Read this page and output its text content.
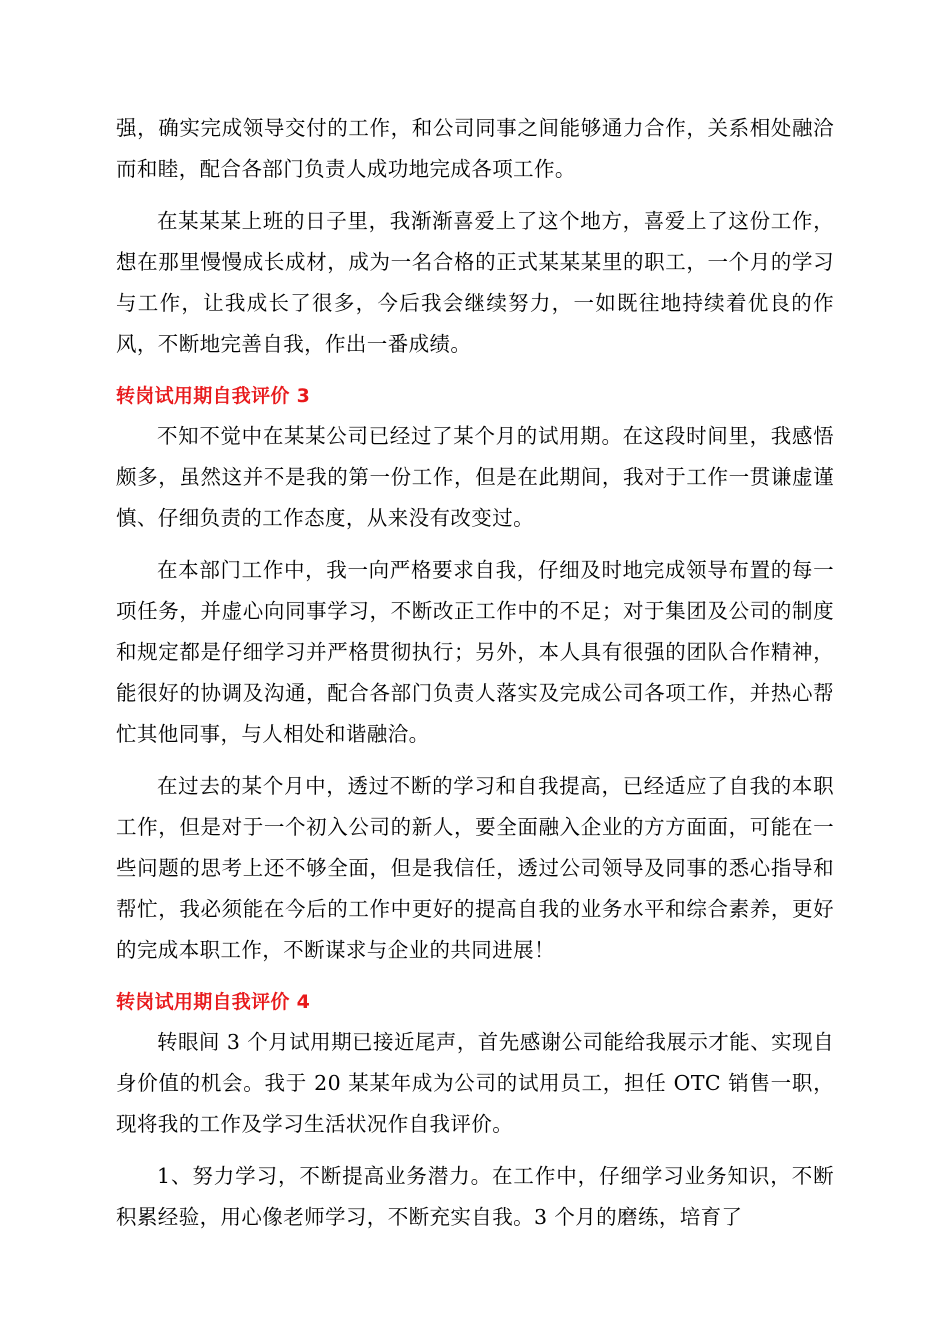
强，确实完成领导交付的工作，和公司同事之间能够通力合作，关系相处融洽而和睦，配合各部门负责人成功地完成各项工作。

在某某某上班的日子里，我渐渐喜爱上了这个地方，喜爱上了这份工作，想在那里慢慢成长成材，成为一名合格的正式某某某里的职工，一个月的学习与工作，让我成长了很多，今后我会继续努力，一如既往地持续着优良的作风，不断地完善自我，作出一番成绩。

转岗试用期自我评价 3

不知不觉中在某某公司已经过了某个月的试用期。在这段时间里，我感悟颇多，虽然这并不是我的第一份工作，但是在此期间，我对于工作一贯谦虚谨慎、仔细负责的工作态度，从来没有改变过。

在本部门工作中，我一向严格要求自我，仔细及时地完成领导布置的每一项任务，并虚心向同事学习，不断改正工作中的不足；对于集团及公司的制度和规定都是仔细学习并严格贯彻执行；另外，本人具有很强的团队合作精神，能很好的协调及沟通，配合各部门负责人落实及完成公司各项工作，并热心帮忙其他同事，与人相处和谐融洽。

在过去的某个月中，透过不断的学习和自我提高，已经适应了自我的本职工作，但是对于一个初入公司的新人，要全面融入企业的方方面面，可能在一些问题的思考上还不够全面，但是我信任，透过公司领导及同事的悉心指导和帮忙，我必须能在今后的工作中更好的提高自我的业务水平和综合素养，更好的完成本职工作，不断谋求与企业的共同进展！

转岗试用期自我评价 4

转眼间 3 个月试用期已接近尾声，首先感谢公司能给我展示才能、实现自身价值的机会。我于 20 某某年成为公司的试用员工，担任 OTC 销售一职，现将我的工作及学习生活状况作自我评价。

1、努力学习，不断提高业务潜力。在工作中，仔细学习业务知识，不断积累经验，用心像老师学习，不断充实自我。3 个月的磨练，培育了
